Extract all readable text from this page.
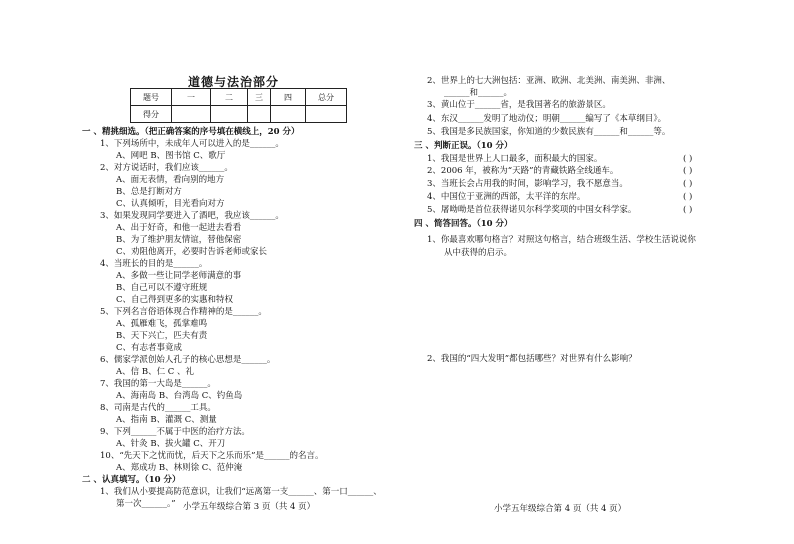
道德与法治部分
题号	一	二	三	四	总分
得分					
一 、精挑细选。（把正确答案的序号填在横线上，20 分）
1、下列场所中，未成年人可以进入的是______。
A、网吧 B、图书馆 C、歌厅
2、对方说话时，我们应该______。
A、面无表情，看向别的地方
B、总是打断对方
C、认真倾听，目光看向对方
3、如果发现同学要进入了酒吧，我应该______。
A、出于好奇，和他一起进去看看
B、为了维护朋友情谊，替他保密
C、劝阻他离开，必要时告诉老师或家长
4、当班长的目的是______。
A、多做一些让同学老师满意的事
B、自己可以不遵守班规
C、自己得到更多的实惠和特权
5、下列名言俗语体现合作精神的是______。
A、孤雁难飞，孤掌难鸣
B、天下兴亡，匹夫有责
C、有志者事竟成
6、儒家学派创始人孔子的核心思想是______。
A、信 B、仁 C 、礼
7、我国的第一大岛是______。
A、海南岛 B、台湾岛 C、钓鱼岛
8、司南是古代的______工具。
A、指南 B、灌溉 C、测量
9、下列______不属于中医的治疗方法。
A、针灸 B、拔火罐 C、开刀
10、“先天下之忧而忧，后天下之乐而乐”是______的名言。
A、郑成功 B、林则徐 C、范仲淹
二 、认真填写。（10 分）
1、我们从小要提高防范意识，让我们“远离第一支______、第一口______、
第一次______。” 小学五年级综合第 3 页（共 4 页）
2、世界上的七大洲包括：亚洲、欧洲、北美洲、南美洲、非洲、
______和______。
3、黄山位于______省，是我国著名的旅游景区。
4、东汉______发明了地动仪；明朝______编写了《本草纲目》。
5、我国是多民族国家，你知道的少数民族有______和______等。
三 、判断正误。（10 分）
1、我国是世界上人口最多，面积最大的国家。
2、2006 年，被称为“天路”的青藏铁路全线通车。
3、当班长会占用我的时间，影响学习，我不愿意当。
4、中国位于亚洲的西部，太平洋的东岸。
5、屠呦呦是首位获得诺贝尔科学奖项的中国女科学家。
四 、简答回答。（10 分）
1、你最喜欢哪句格言？对照这句格言，结合班级生活、学校生活说说你
从中获得的启示。
2、我国的“四大发明”都包括哪些？对世界有什么影响？
( )
( )
( )
( )
( )
小学五年级综合第 4 页（共 4 页）
